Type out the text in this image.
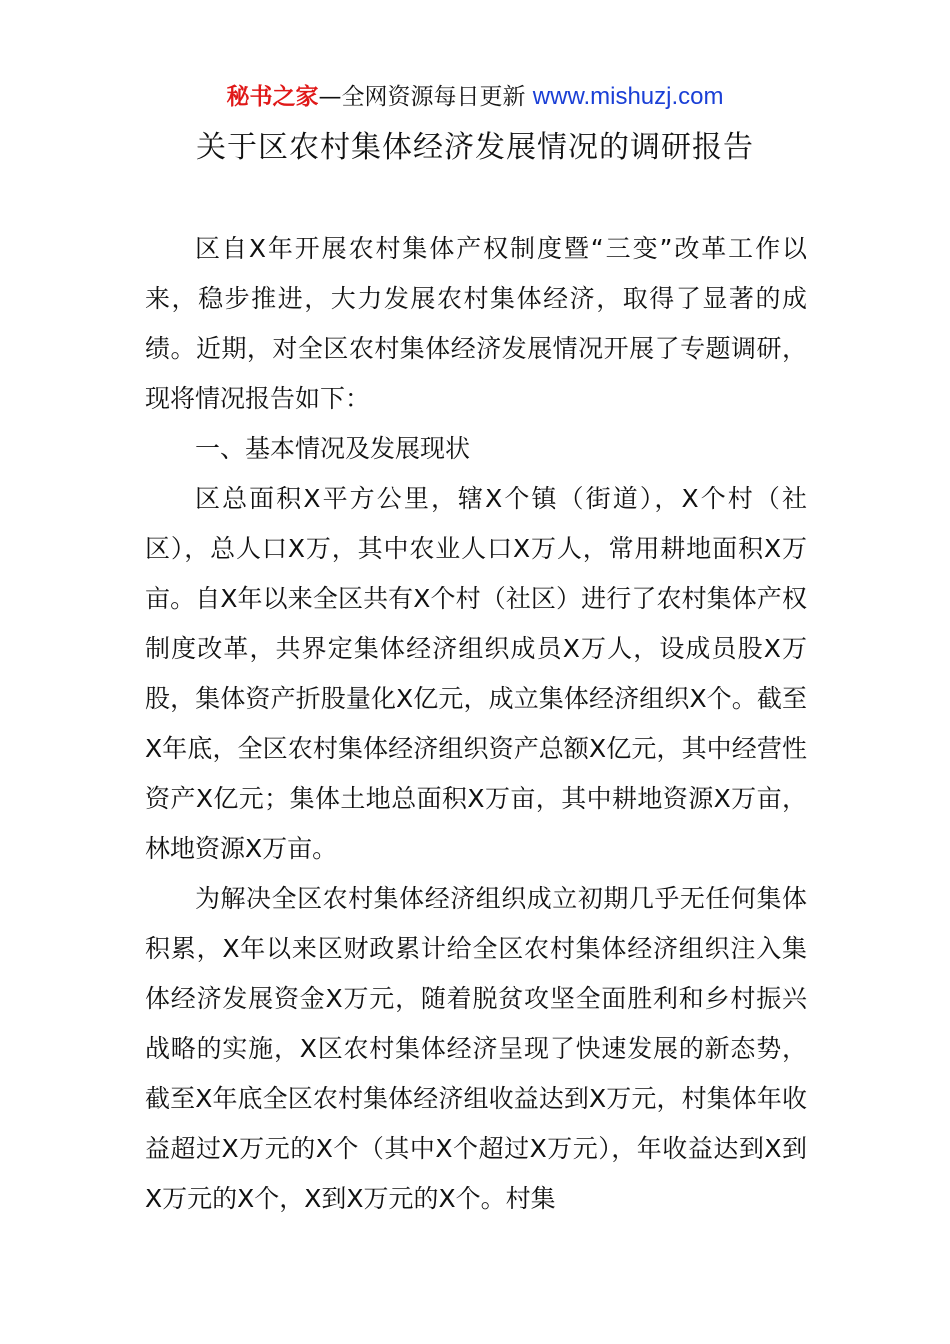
秘书之家—全网资源每日更新 www.mishuzj.com
关于区农村集体经济发展情况的调研报告

区自X年开展农村集体产权制度暨“三变”改革工作以来，稳步推进，大力发展农村集体经济，取得了显著的成绩。近期，对全区农村集体经济发展情况开展了专题调研，现将情况报告如下：

一、基本情况及发展现状

区总面积X平方公里，辖X个镇（街道），X个村（社区），总人口X万，其中农业人口X万人，常用耕地面积X万亩。自X年以来全区共有X个村（社区）进行了农村集体产权制度改革，共界定集体经济组织成员X万人，设成员股X万股，集体资产折股量化X亿元，成立集体经济组织X个。截至X年底，全区农村集体经济组织资产总额X亿元，其中经营性资产X亿元；集体土地总面积X万亩，其中耕地资源X万亩，林地资源X万亩。

为解决全区农村集体经济组织成立初期几乎无任何集体积累，X年以来区财政累计给全区农村集体经济组织注入集体经济发展资金X万元，随着脱贫攻坚全面胜利和乡村振兴战略的实施，X区农村集体经济呈现了快速发展的新态势，截至X年底全区农村集体经济组收益达到X万元，村集体年收益超过X万元的X个（其中X个超过X万元），年收益达到X到X万元的X个，X到X万元的X个。村集
